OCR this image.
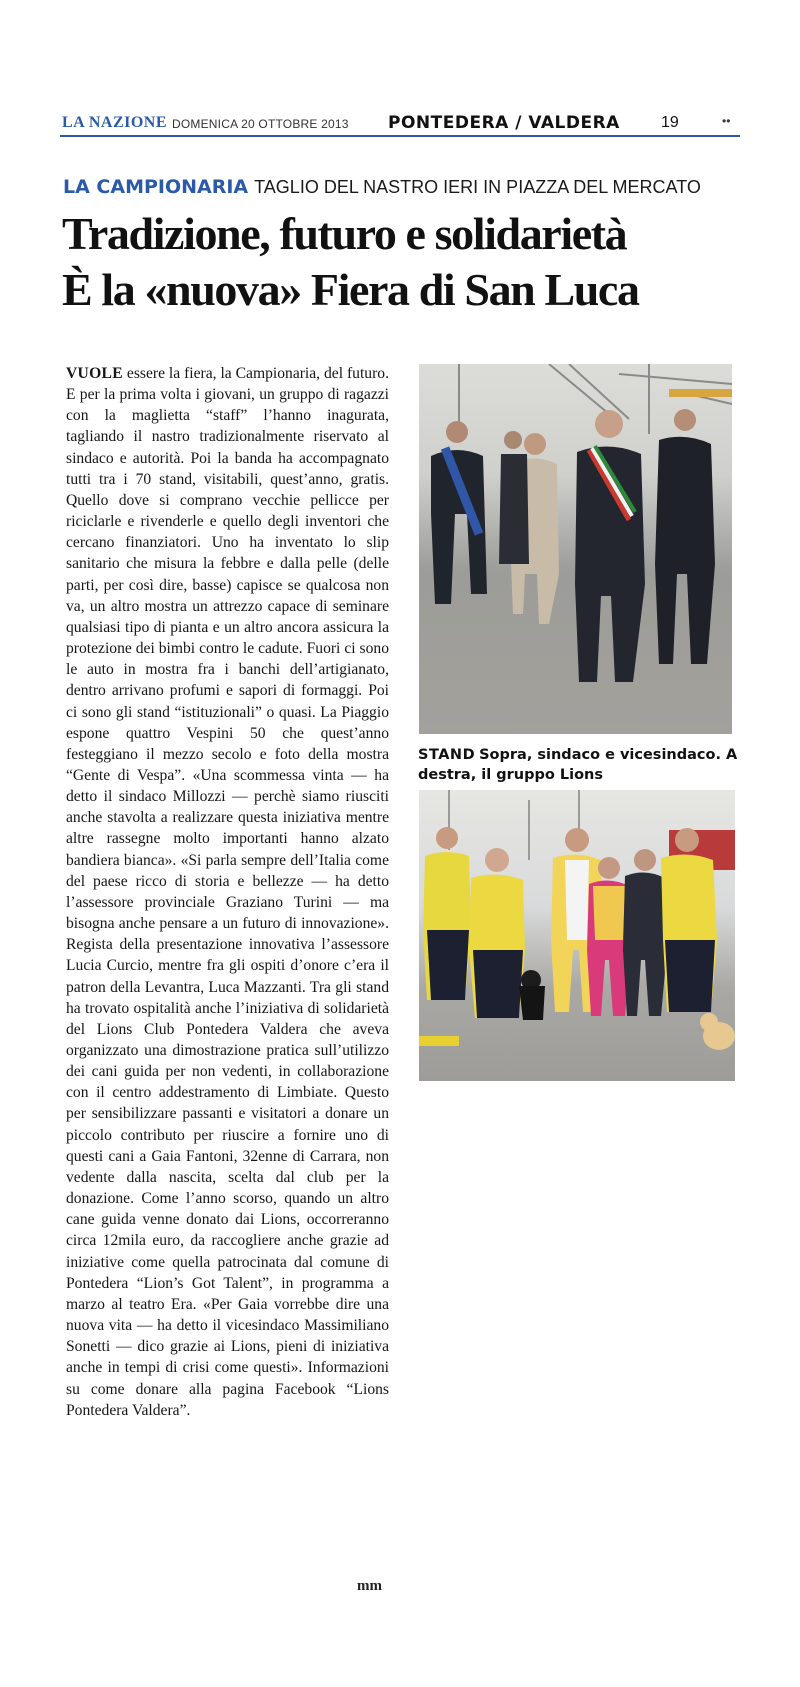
LA NAZIONE DOMENICA 20 OTTOBRE 2013 PONTEDERA / VALDERA	19	••
LA CAMPIONARIA TAGLIO DEL NASTRO IERI IN PIAZZA DEL MERCATO
Tradizione, futuro e solidarietà
È la «nuova» Fiera di San Luca
VUOLE essere la fiera, la Campionaria, del futuro. E per la prima volta i giovani, un gruppo di ragazzi con la maglietta “staff” l’hanno inagurata, tagliando il nastro tradizionalmente riservato al sindaco e autorità. Poi la banda ha accompagnato tutti tra i 70 stand, visitabili, quest’anno, gratis. Quello dove si comprano vecchie pellicce per riciclarle e rivenderle e quello degli inventori che cercano finanziatori. Uno ha inventato lo slip sanitario che misura la febbre e dalla pelle (delle parti, per così dire, basse) capisce se qualcosa non va, un altro mostra un attrezzo capace di seminare qualsiasi tipo di pianta e un altro ancora assicura la protezione dei bimbi contro le cadute. Fuori ci sono le auto in mostra fra i banchi dell’artigianato, dentro arrivano profumi e sapori di formaggi. Poi ci sono gli stand “istituzionali” o quasi. La Piaggio espone quattro Vespini 50 che quest’anno festeggiano il mezzo secolo e foto della mostra “Gente di Vespa”. «Una scommessa vinta — ha detto il sindaco Millozzi — perchè siamo riusciti anche stavolta a realizzare questa iniziativa mentre altre rassegne molto importanti hanno alzato bandiera bianca». «Si parla sempre dell’Italia come del paese ricco di storia e bellezze — ha detto l’assessore provinciale Graziano Turini — ma bisogna anche pensare a un futuro di innovazione». Regista della presentazione innovativa l’assessore Lucia Curcio, mentre fra gli ospiti d’onore c’era il patron della Levantra, Luca Mazzanti. Tra gli stand ha trovato ospitalità anche l’iniziativa di solidarietà del Lions Club Pontedera Valdera che aveva organizzato una dimostrazione pratica sull’utilizzo dei cani guida per non vedenti, in collaborazione con il centro addestramento di Limbiate. Questo per sensibilizzare passanti e visitatori a donare un piccolo contributo per riuscire a fornire uno di questi cani a Gaia Fantoni, 32enne di Carrara, non vedente dalla nascita, scelta dal club per la donazione. Come l’anno scorso, quando un altro cane guida venne donato dai Lions, occorreranno circa 12mila euro, da raccogliere anche grazie ad iniziative come quella patrocinata dal comune di Pontedera “Lion’s Got Talent”, in programma a marzo al teatro Era. «Per Gaia vorrebbe dire una nuova vita — ha detto il vicesindaco Massimiliano Sonetti — dico grazie ai Lions, pieni di iniziativa anche in tempi di crisi come questi». Informazioni su come donare alla pagina Facebook “Lions Pontedera Valdera”.
mm
STAND Sopra, sindaco e vicesindaco. A destra, il gruppo Lions
